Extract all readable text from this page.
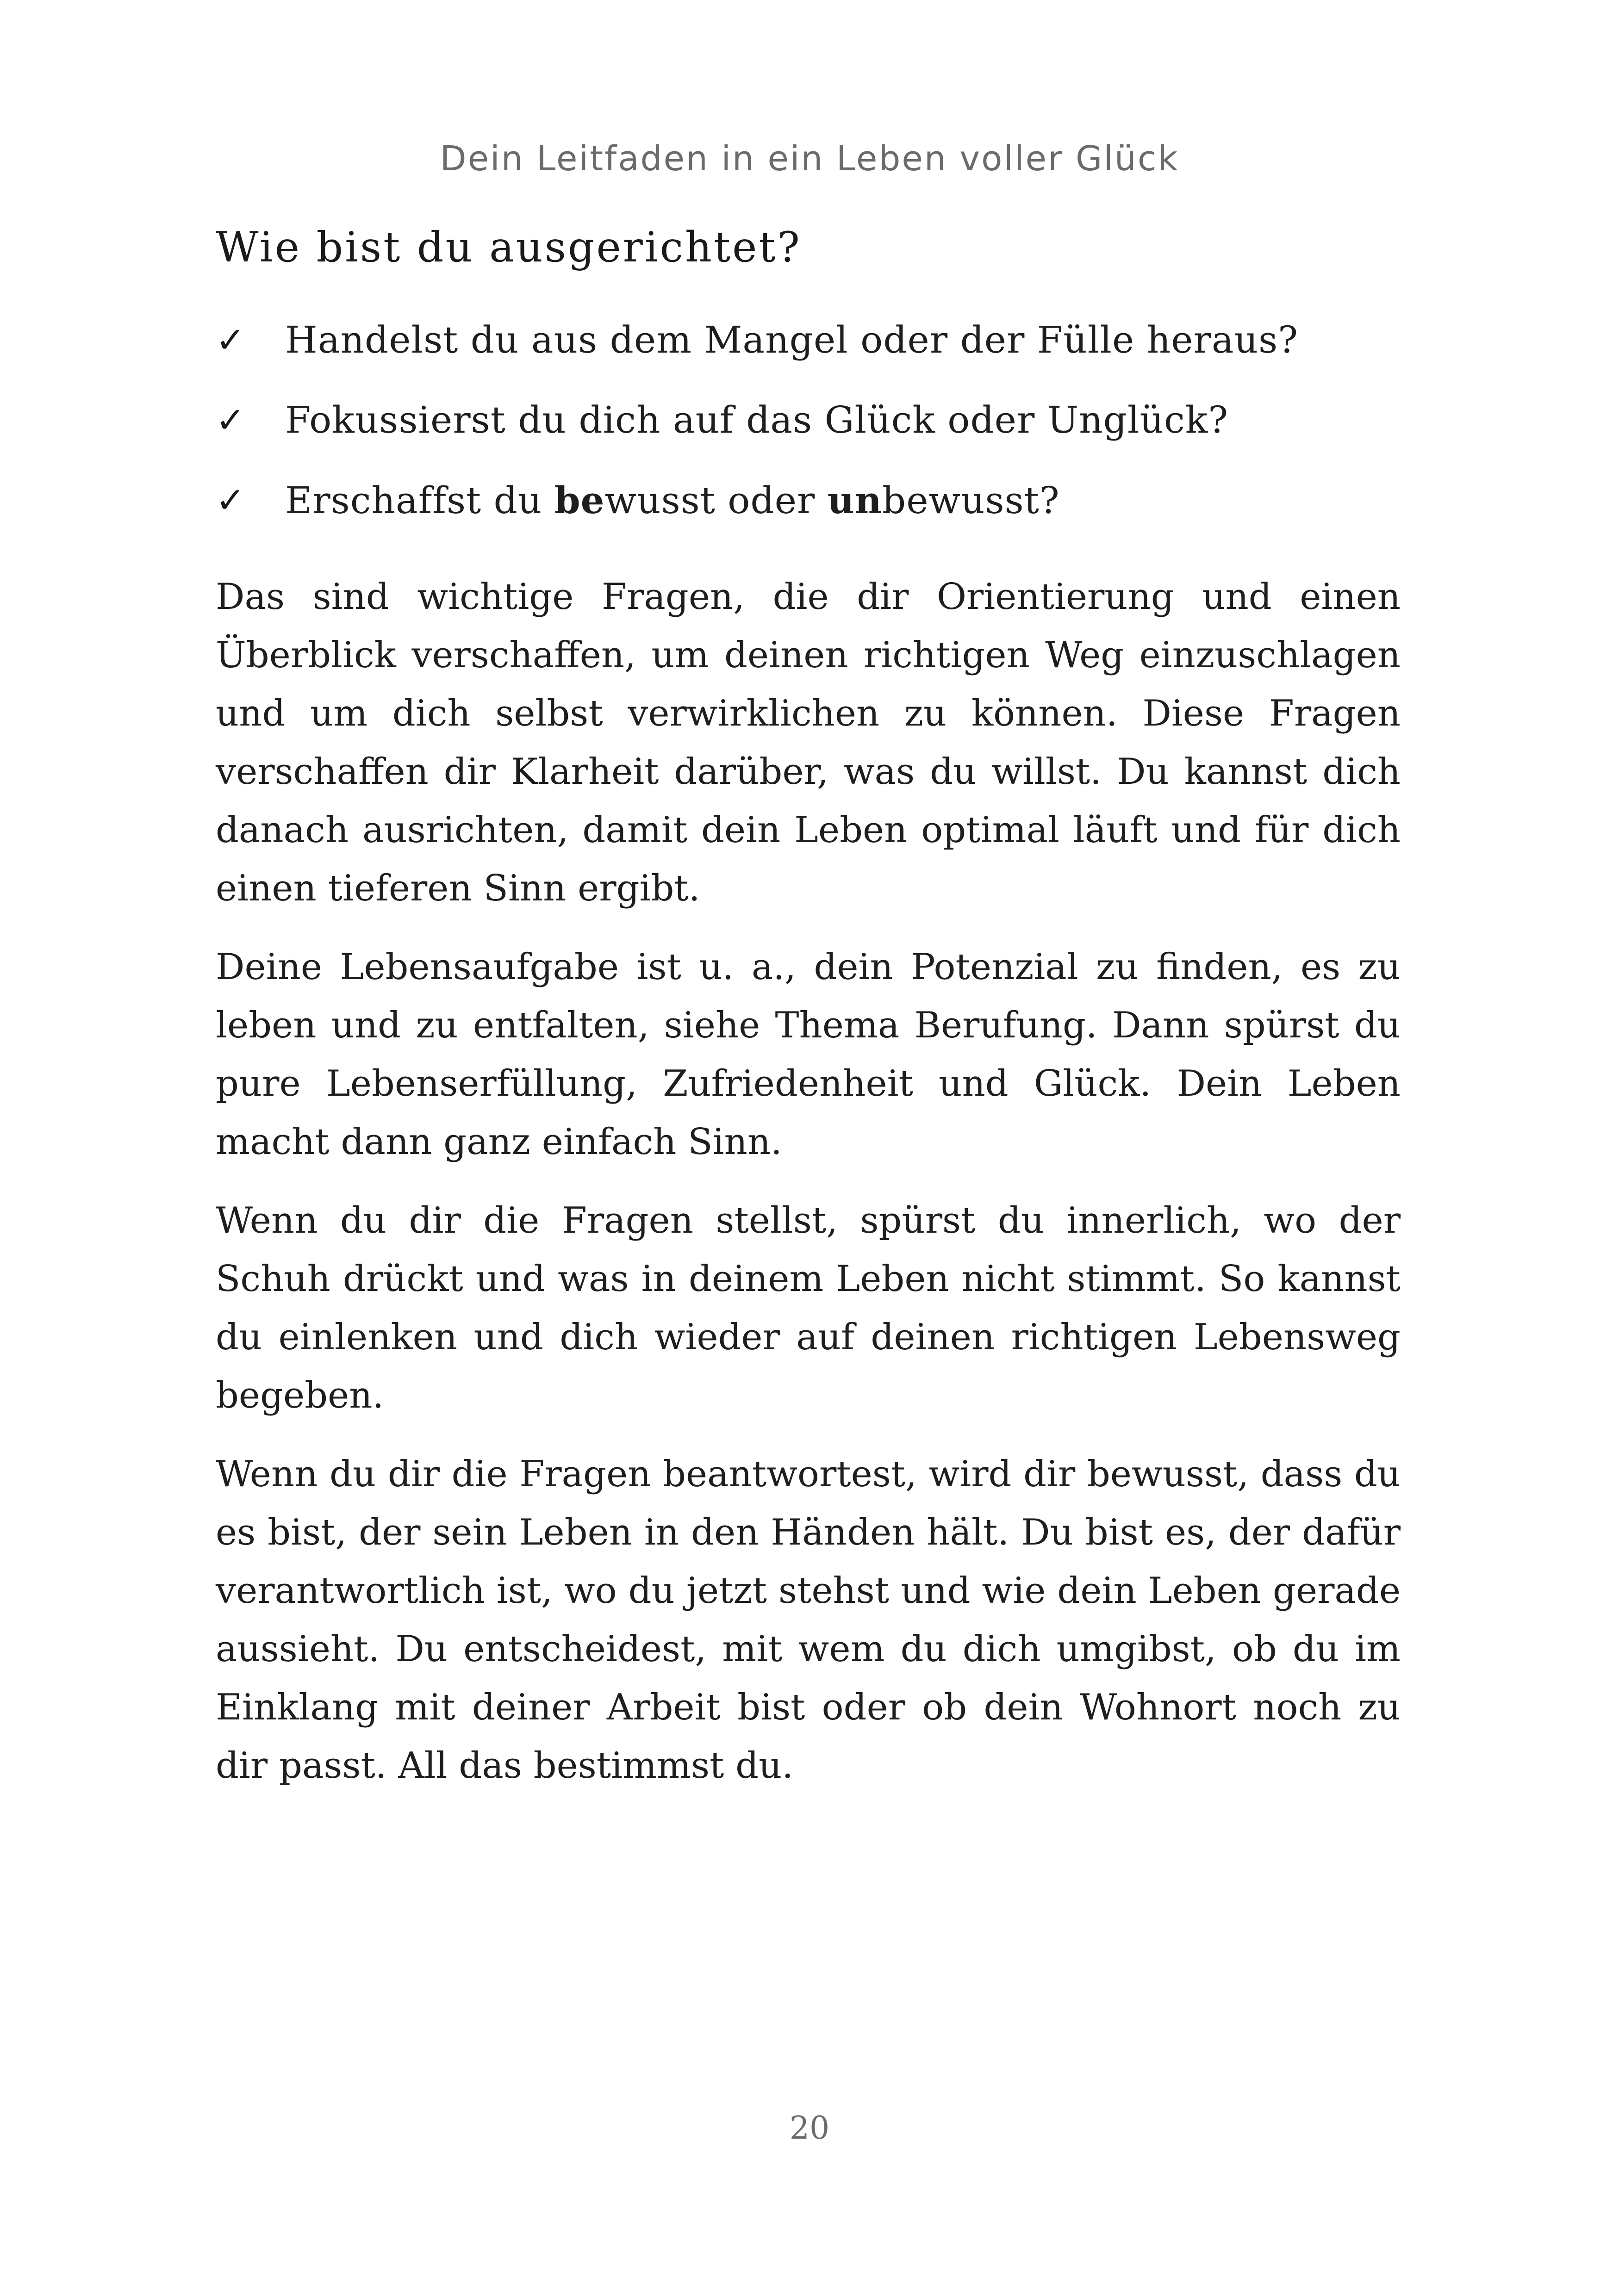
Dein Leitfaden in ein Leben voller Glück
Wie bist du ausgerichtet?
✓ Handelst du aus dem Mangel oder der Fülle heraus?
✓ Fokussierst du dich auf das Glück oder Unglück?
✓ Erschaffst du bewusst oder unbewusst?

Das sind wichtige Fragen, die dir Orientierung und einen Überblick verschaffen, um deinen richtigen Weg einzuschlagen und um dich selbst verwirklichen zu können. Diese Fragen verschaffen dir Klarheit darüber, was du willst. Du kannst dich danach ausrichten, damit dein Leben optimal läuft und für dich einen tieferen Sinn ergibt.

Deine Lebensaufgabe ist u. a., dein Potenzial zu finden, es zu leben und zu entfalten, siehe Thema Berufung. Dann spürst du pure Lebenserfüllung, Zufriedenheit und Glück. Dein Leben macht dann ganz einfach Sinn.

Wenn du dir die Fragen stellst, spürst du innerlich, wo der Schuh drückt und was in deinem Leben nicht stimmt. So kannst du einlenken und dich wieder auf deinen richtigen Lebensweg begeben.

Wenn du dir die Fragen beantwortest, wird dir bewusst, dass du es bist, der sein Leben in den Händen hält. Du bist es, der dafür verantwortlich ist, wo du jetzt stehst und wie dein Leben gerade aussieht. Du entscheidest, mit wem du dich umgibst, ob du im Einklang mit deiner Arbeit bist oder ob dein Wohnort noch zu dir passt. All das bestimmst du.

20
